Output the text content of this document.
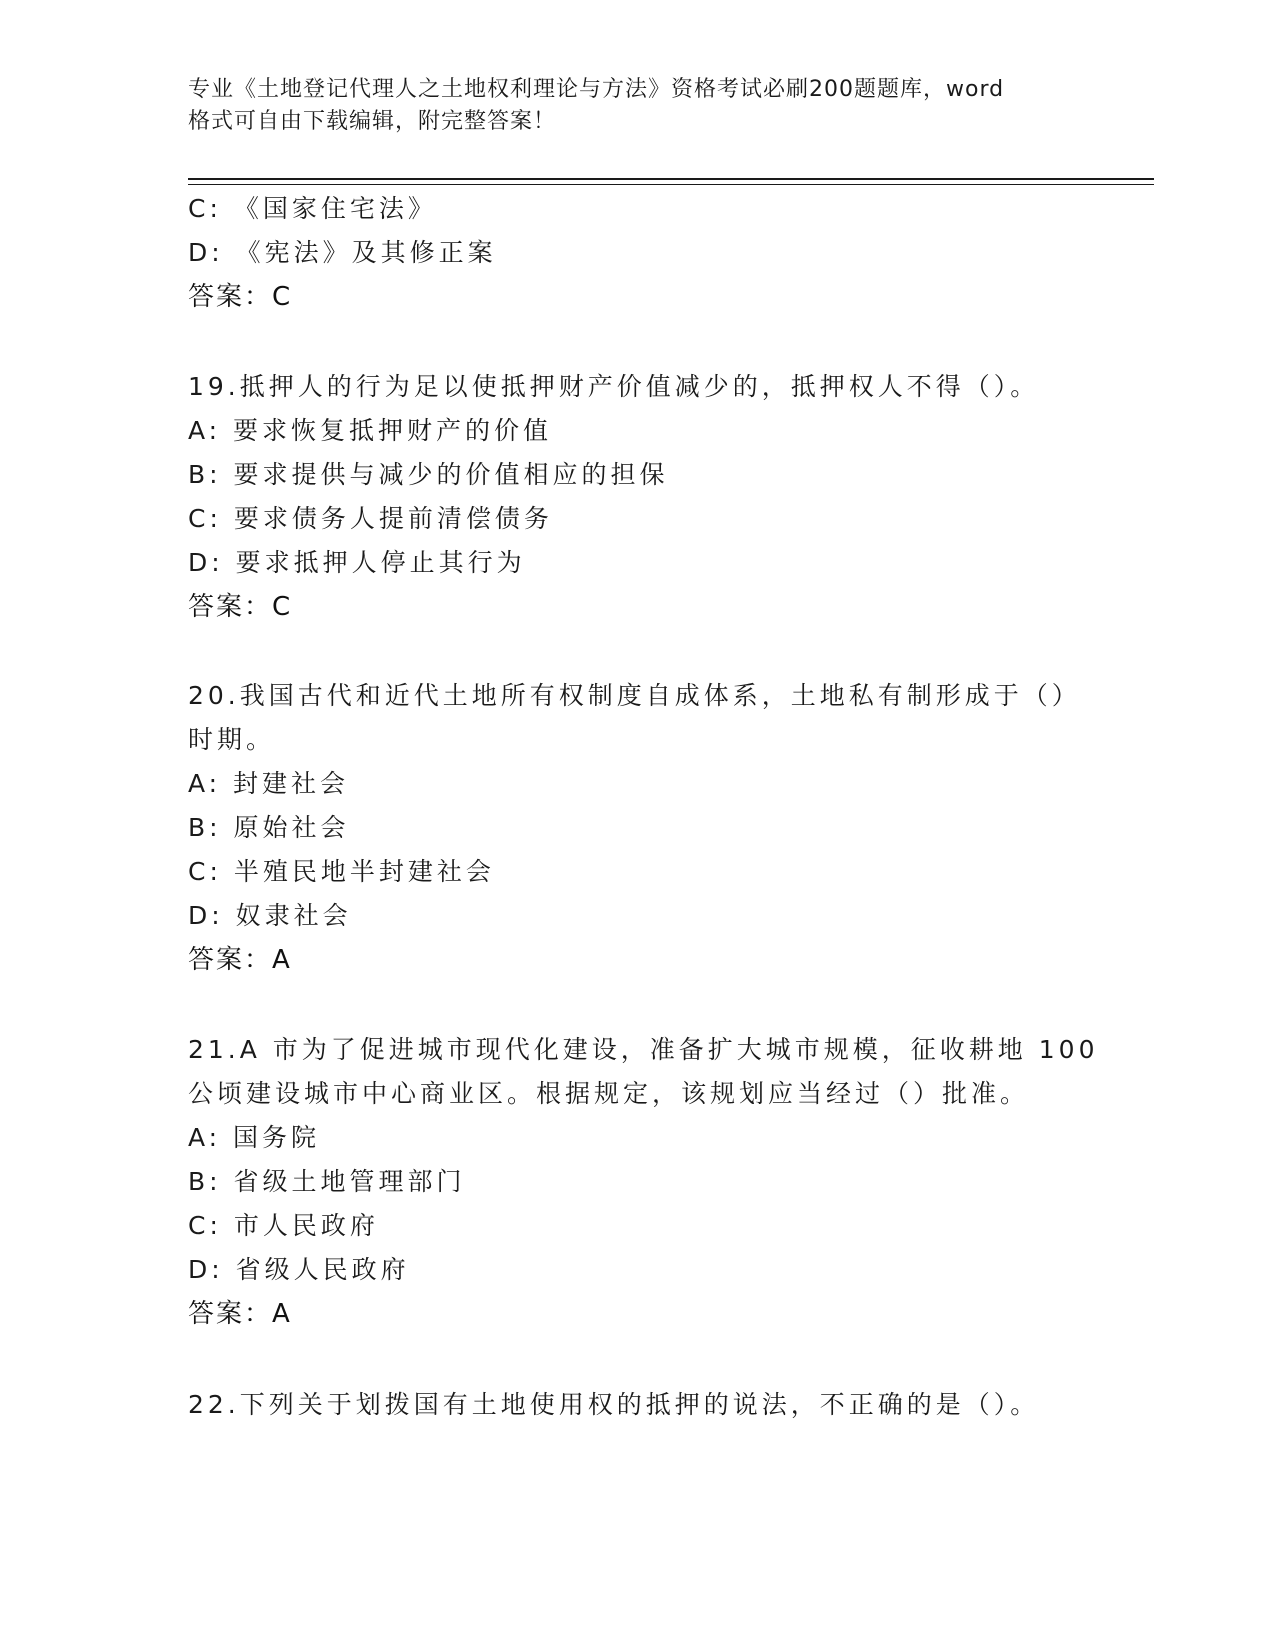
专业《土地登记代理人之土地权利理论与方法》资格考试必刷200题题库，word
格式可自由下载编辑，附完整答案！
C: 《国家住宅法》
D: 《宪法》及其修正案
答案：C
19.抵押人的行为足以使抵押财产价值减少的，抵押权人不得（）。
A: 要求恢复抵押财产的价值
B: 要求提供与减少的价值相应的担保
C: 要求债务人提前清偿债务
D: 要求抵押人停止其行为
答案：C
20.我国古代和近代土地所有权制度自成体系，土地私有制形成于（）
时期。
A: 封建社会
B: 原始社会
C: 半殖民地半封建社会
D: 奴隶社会
答案：A
21.A 市为了促进城市现代化建设，准备扩大城市规模，征收耕地 100
公顷建设城市中心商业区。根据规定，该规划应当经过（）批准。
A: 国务院
B: 省级土地管理部门
C: 市人民政府
D: 省级人民政府
答案：A
22.下列关于划拨国有土地使用权的抵押的说法，不正确的是（）。
